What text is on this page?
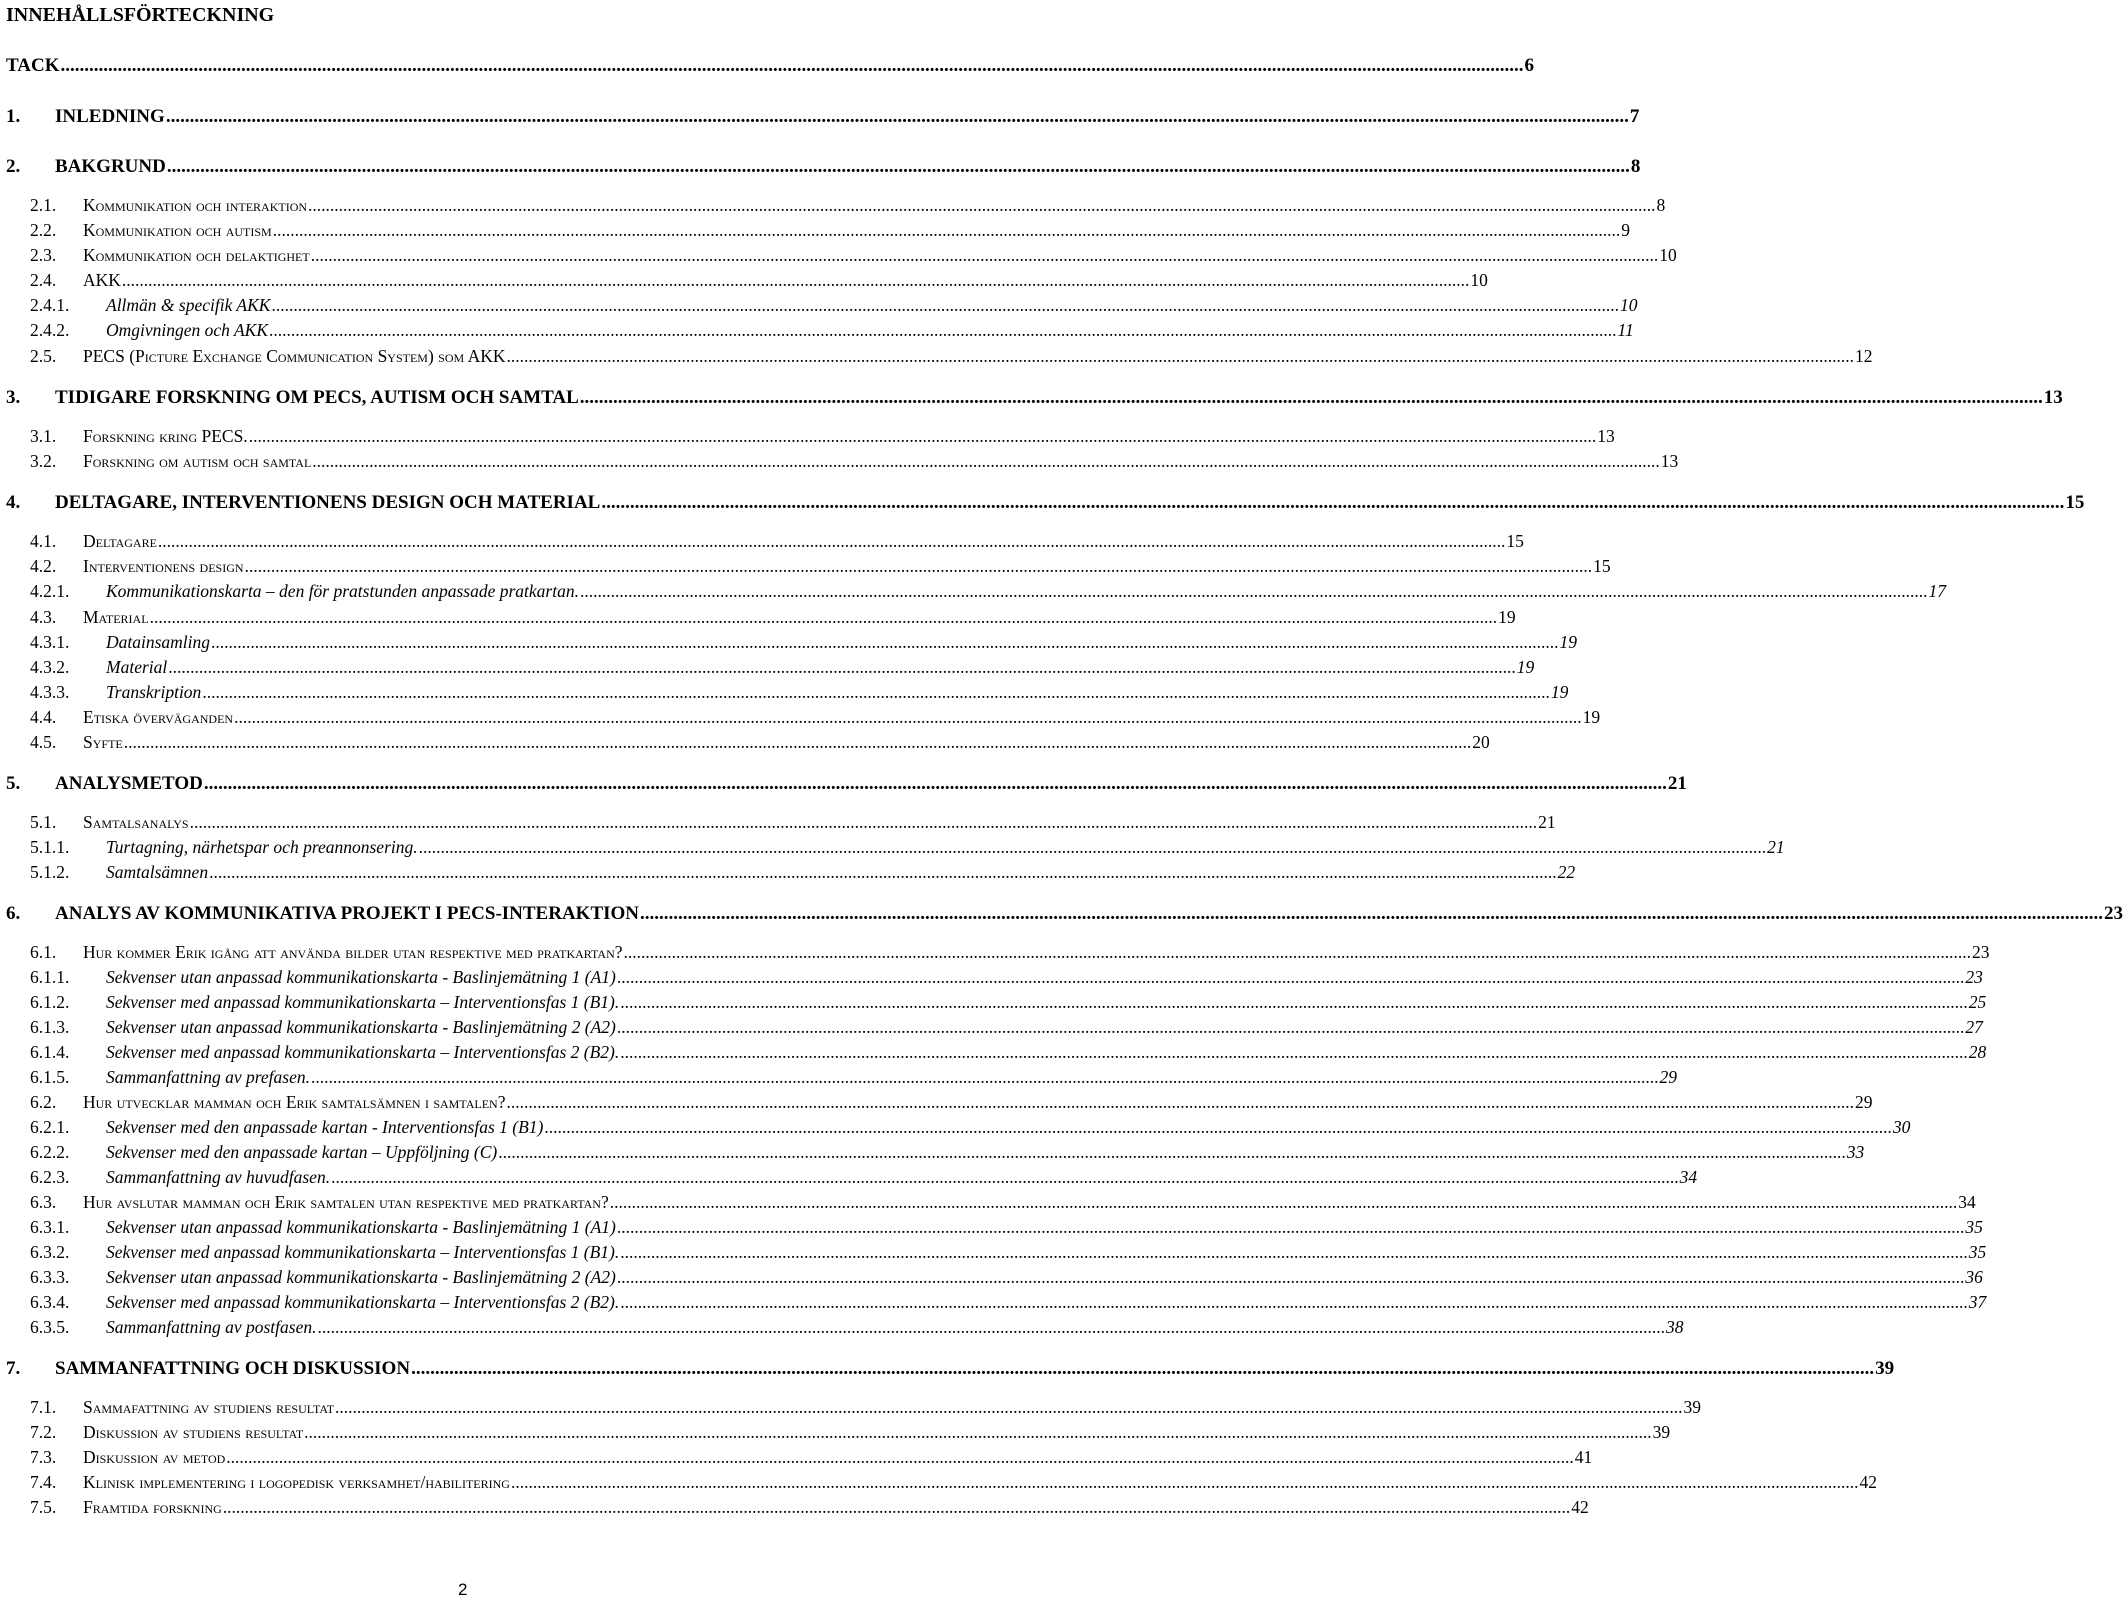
INNEHÅLLSFÖRTECKNING
TACK .....	6
1.	INLEDNING .....	7
2.	BAKGRUND .....	8
2.1.	Kommunikation och interaktion .....	8
2.2.	Kommunikation och autism .....	9
2.3.	Kommunikation och delaktighet .....	10
2.4.	AKK .....	10
2.4.1.	Allmän & specifik AKK .....	10
2.4.2.	Omgivningen och AKK .....	11
2.5.	PECS (Picture Exchange Communication System) som AKK .....	12
3.	TIDIGARE FORSKNING OM PECS, AUTISM OCH SAMTAL .....	13
3.1.	Forskning kring PECS. .....	13
3.2.	Forskning om autism och samtal .....	13
4.	DELTAGARE, INTERVENTIONENS DESIGN OCH MATERIAL .....	15
4.1.	Deltagare .....	15
4.2.	Interventionens design .....	15
4.2.1.	Kommunikationskarta – den för pratstunden anpassade pratkartan. .....	17
4.3.	Material .....	19
4.3.1.	Datainsamling .....	19
4.3.2.	Material .....	19
4.3.3.	Transkription .....	19
4.4.	Etiska överväganden .....	19
4.5.	Syfte .....	20
5.	ANALYSMETOD .....	21
5.1.	Samtalsanalys .....	21
5.1.1.	Turtagning, närhetspar och preannonsering. .....	21
5.1.2.	Samtalsämnen .....	22
6.	ANALYS AV KOMMUNIKATIVA PROJEKT I PECS-INTERAKTION .....	23
6.1.	Hur kommer Erik igång att använda bilder utan respektive med pratkartan? .....	23
6.1.1.	Sekvenser utan anpassad kommunikationskarta - Baslinjemätning 1 (A1) .....	23
6.1.2.	Sekvenser med anpassad kommunikationskarta – Interventionsfas 1 (B1). .....	25
6.1.3.	Sekvenser utan anpassad kommunikationskarta - Baslinjemätning 2 (A2) .....	27
6.1.4.	Sekvenser med anpassad kommunikationskarta – Interventionsfas 2 (B2). .....	28
6.1.5.	Sammanfattning av prefasen. .....	29
6.2.	Hur utvecklar mamman och Erik samtalsämnen i samtalen? .....	29
6.2.1.	Sekvenser med den anpassade kartan - Interventionsfas 1 (B1) .....	30
6.2.2.	Sekvenser med den anpassade kartan – Uppföljning (C) .....	33
6.2.3.	Sammanfattning av huvudfasen. .....	34
6.3.	Hur avslutar mamman och Erik samtalen utan respektive med pratkartan? .....	34
6.3.1.	Sekvenser utan anpassad kommunikationskarta - Baslinjemätning 1 (A1) .....	35
6.3.2.	Sekvenser med anpassad kommunikationskarta – Interventionsfas 1 (B1). .....	35
6.3.3.	Sekvenser utan anpassad kommunikationskarta - Baslinjemätning 2 (A2) .....	36
6.3.4.	Sekvenser med anpassad kommunikationskarta – Interventionsfas 2 (B2). .....	37
6.3.5.	Sammanfattning av postfasen. .....	38
7.	SAMMANFATTNING OCH DISKUSSION .....	39
7.1.	Sammafattning av studiens resultat .....	39
7.2.	Diskussion av studiens resultat .....	39
7.3.	Diskussion av metod .....	41
7.4.	Klinisk implementering i logopedisk verksamhet/habilitering .....	42
7.5.	Framtida forskning .....	42
2
